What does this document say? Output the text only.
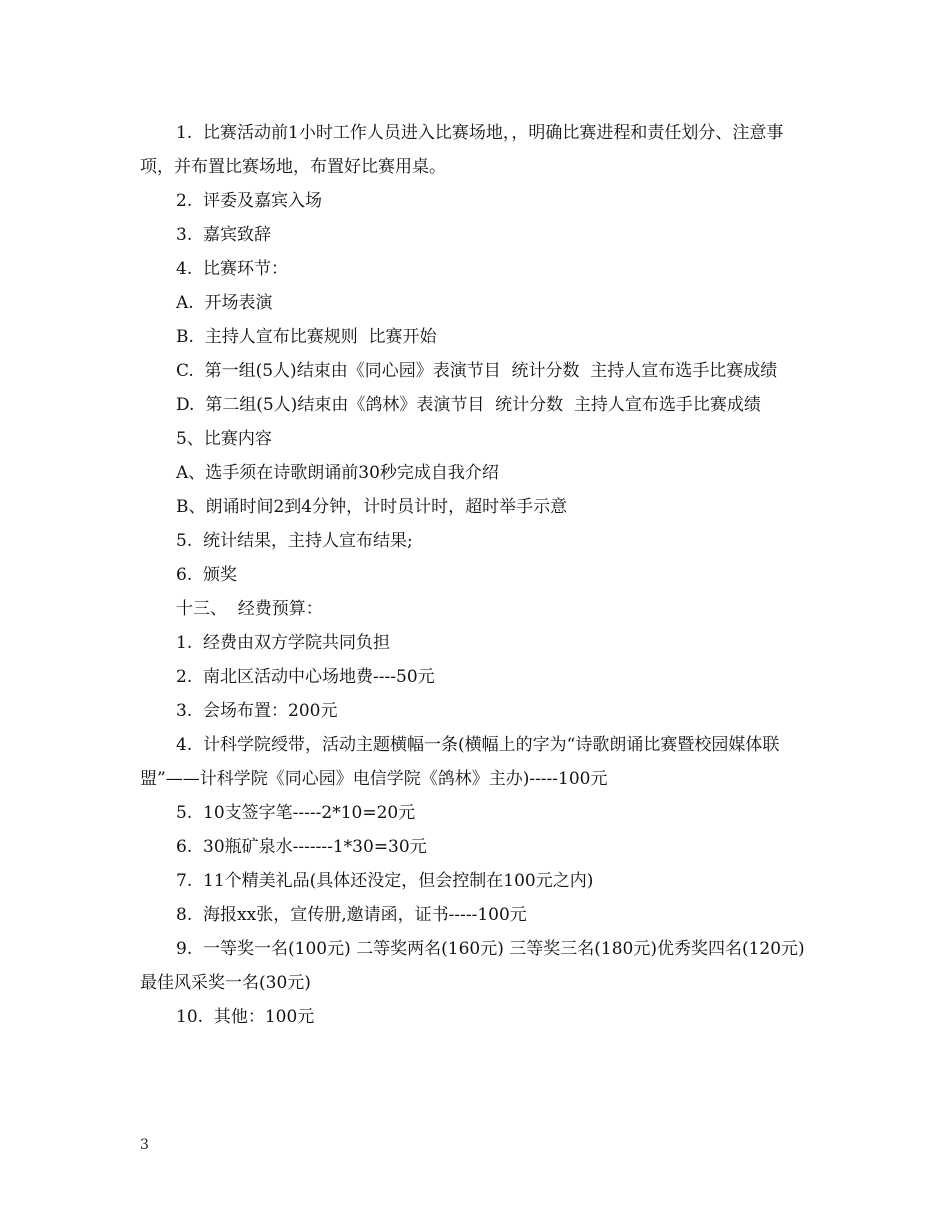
1.  比赛活动前1小时工作人员进入比赛场地，，明确比赛进程和责任划分、注意事项，并布置比赛场地，布置好比赛用桌。

2.  评委及嘉宾入场

3.  嘉宾致辞

4.  比赛环节：

A.  开场表演

B.  主持人宣布比赛规则  比赛开始

C.  第一组(5人)结束由《同心园》表演节目  统计分数  主持人宣布选手比赛成绩

D.  第二组(5人)结束由《鸽林》表演节目  统计分数  主持人宣布选手比赛成绩

5、比赛内容

A、选手须在诗歌朗诵前30秒完成自我介绍

B、朗诵时间2到4分钟，计时员计时，超时举手示意

5.  统计结果，主持人宣布结果;

6.  颁奖

十三、  经费预算：

1.  经费由双方学院共同负担

2.  南北区活动中心场地费----50元

3.  会场布置：200元

4.  计科学院绶带，活动主题横幅一条(横幅上的字为“诗歌朗诵比赛暨校园媒体联盟”——计科学院《同心园》电信学院《鸽林》主办)-----100元

5.  10支签字笔-----2*10=20元

6.  30瓶矿泉水-------1*30=30元

7.  11个精美礼品(具体还没定，但会控制在100元之内)

8.  海报xx张，宣传册,邀请函，证书-----100元

9.  一等奖一名(100元) 二等奖两名(160元) 三等奖三名(180元)优秀奖四名(120元)最佳风采奖一名(30元)

10.  其他：100元

3
